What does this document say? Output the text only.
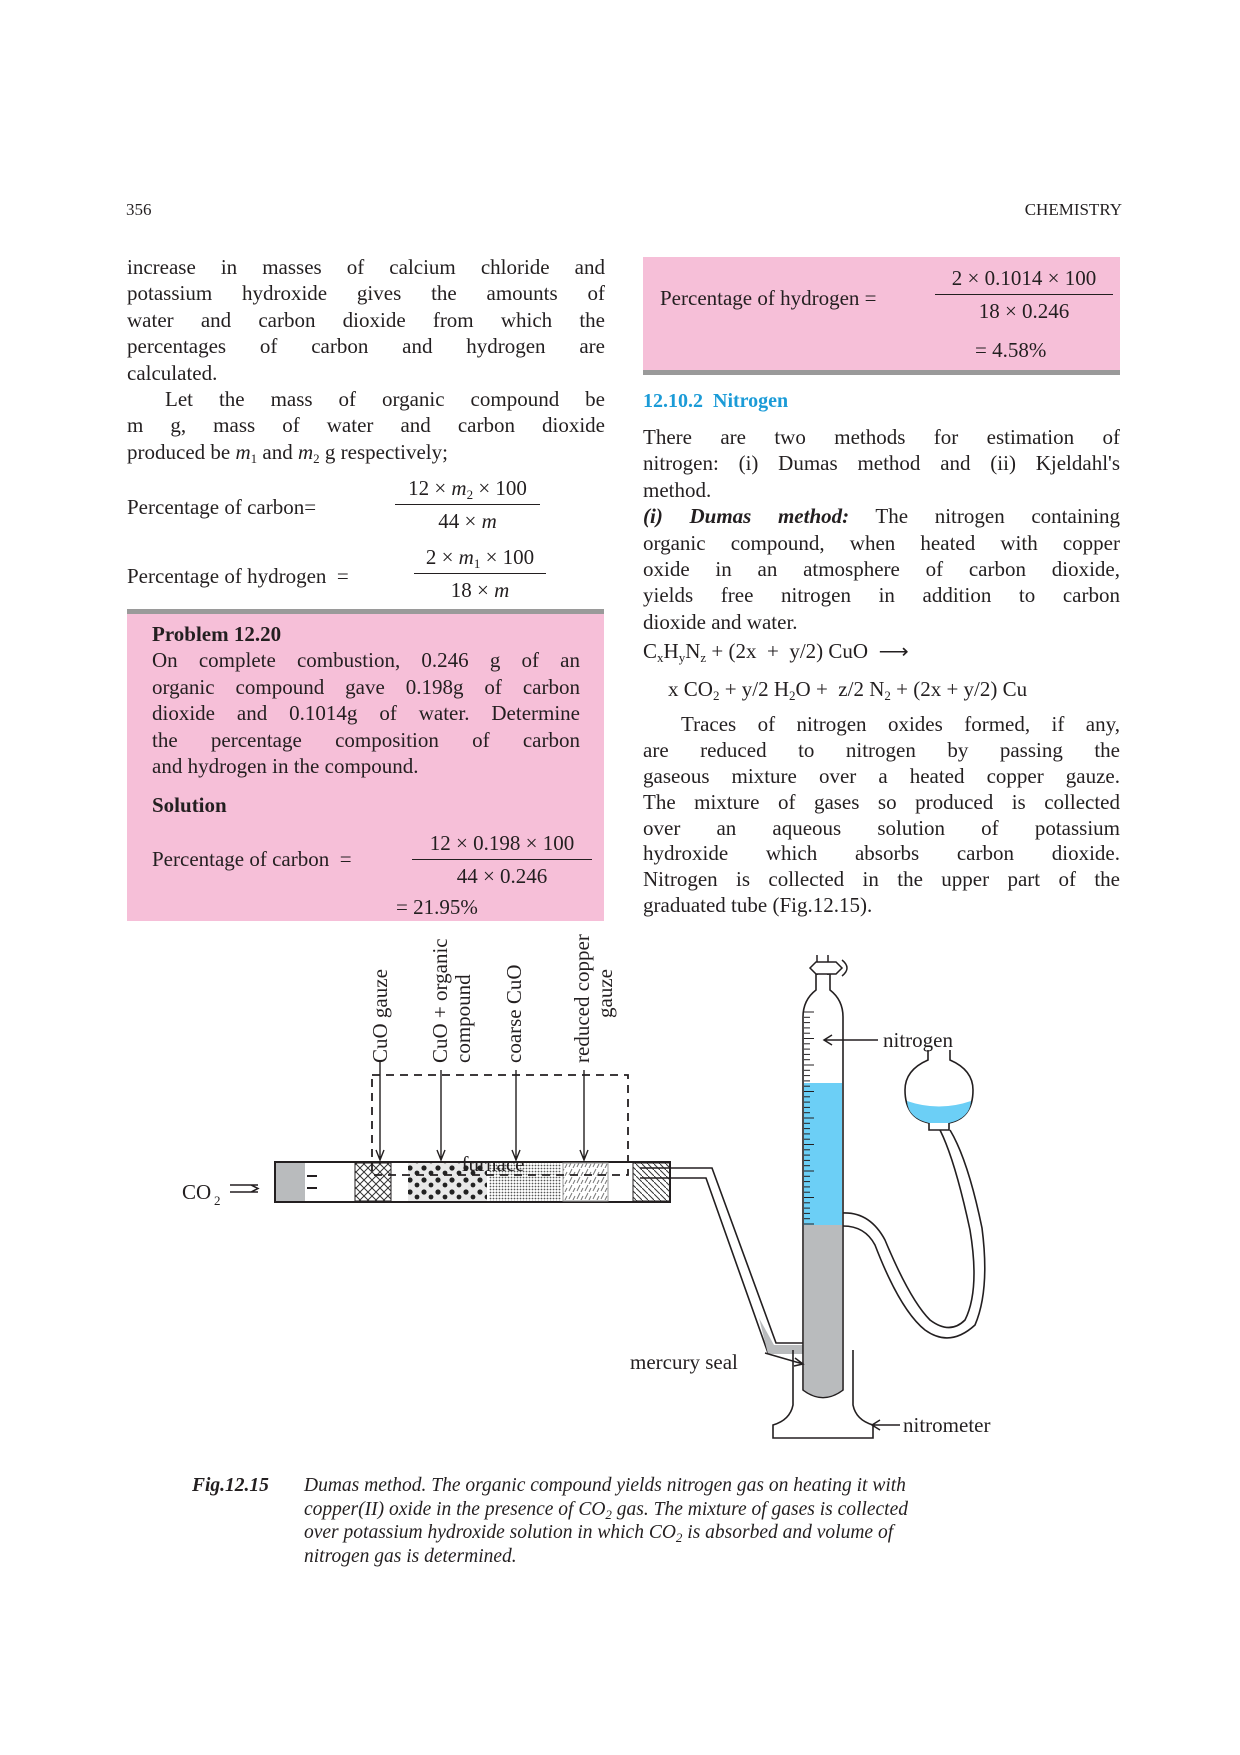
356	CHEMISTRY
increase in masses of calcium chloride and
potassium hydroxide gives the amounts of
water and carbon dioxide from which the
percentages of carbon and hydrogen are
calculated.
Let the mass of organic compound be
m g, mass of water and carbon dioxide
produced be $m_1$ and $m_2$ g respectively;
Percentage of carbon=	$\frac{12 \times m_2 \times 100}{44 \times m}$
Percentage of hydrogen  =	$\frac{2 \times m_1 \times 100}{18 \times m}$
Problem 12.20
On complete combustion, 0.246 g of an
organic compound gave 0.198g of carbon
dioxide and 0.1014g of water. Determine
the percentage composition of carbon
and hydrogen in the compound.
Solution
Percentage of carbon  =	$\frac{12 \times 0.198 \times 100}{44 \times 0.246}$
= 21.95%
Percentage of hydrogen =	$\frac{2 \times 0.1014 \times 100}{18 \times 0.246}$
= 4.58%
12.10.2  Nitrogen
There are two methods for estimation of
nitrogen: (i) Dumas method and (ii) Kjeldahl's
method.
(i) Dumas method: The nitrogen containing
organic compound, when heated with copper
oxide in an atmosphere of carbon dioxide,
yields free nitrogen in addition to carbon
dioxide and water.
$C_xH_yN_z + (2x + y/2)$ CuO  ⟶
x $CO_2 + y/2$ $H_2O + z/2$ $N_2 + (2x + y/2)$ Cu
Traces of nitrogen oxides formed, if any,
are reduced to nitrogen by passing the
gaseous mixture over a heated copper gauze.
The mixture of gases so produced is collected
over an aqueous solution of potassium
hydroxide which absorbs carbon dioxide.
Nitrogen is collected in the upper part of the
graduated tube (Fig.12.15).
CO 2
furnace
CuO gauze CuO + organic compound coarse CuO reduced copper gauze
nitrogen
mercury seal
nitrometer
Fig.12.15 Dumas method. The organic compound yields nitrogen gas on heating it with
copper(II) oxide in the presence of $CO_2$ gas. The mixture of gases is collected
over potassium hydroxide solution in which $CO_2$ is absorbed and volume of
nitrogen gas is determined.
